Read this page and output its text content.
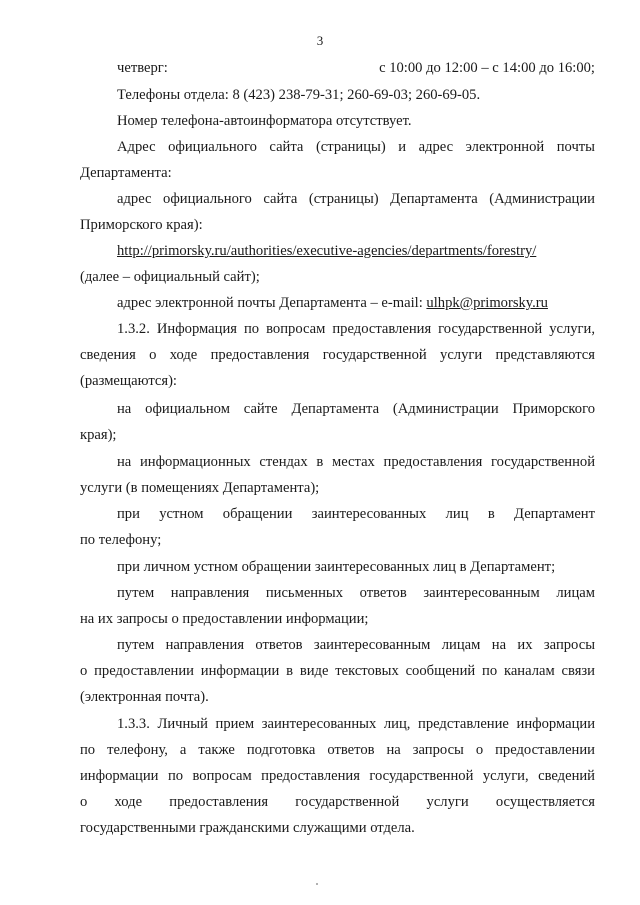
3
четверг:	с 10:00 до 12:00 – с 14:00 до 16:00;
Телефоны отдела: 8 (423) 238-79-31; 260-69-03; 260-69-05.
Номер телефона-автоинформатора отсутствует.
Адрес официального сайта (страницы) и адрес электронной почты
Департамента:
адрес официального сайта (страницы) Департамента (Администрации
Приморского края):
http://primorsky.ru/authorities/executive-agencies/departments/forestry/
(далее – официальный сайт);
адрес электронной почты Департамента – e-mail: ulhpk@primorsky.ru
1.3.2. Информация по вопросам предоставления государственной услуги,
сведения о ходе предоставления государственной услуги представляются
(размещаются):
на официальном сайте Департамента (Администрации Приморского
края);
на информационных стендах в местах предоставления государственной
услуги (в помещениях Департамента);
при устном обращении заинтересованных лиц в Департамент
по телефону;
при личном устном обращении заинтересованных лиц в Департамент;
путем направления письменных ответов заинтересованным лицам
на их запросы о предоставлении информации;
путем направления ответов заинтересованным лицам на их запросы
о предоставлении информации в виде текстовых сообщений по каналам связи
(электронная почта).
1.3.3. Личный прием заинтересованных лиц, представление информации
по телефону, а также подготовка ответов на запросы о предоставлении
информации по вопросам предоставления государственной услуги, сведений
о ходе предоставления государственной услуги осуществляется
государственными гражданскими служащими отдела.
